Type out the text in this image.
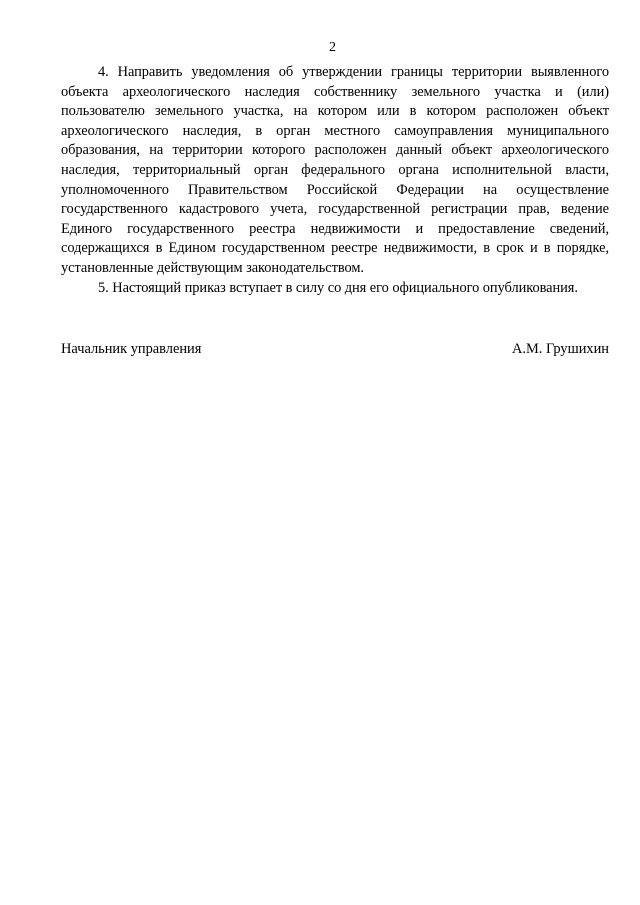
2

4. Направить уведомления об утверждении границы территории выявленного объекта археологического наследия собственнику земельного участка и (или) пользователю земельного участка, на котором или в котором расположен объект археологического наследия, в орган местного самоуправления муниципального образования, на территории которого расположен данный объект археологического наследия, территориальный орган федерального органа исполнительной власти, уполномоченного Правительством Российской Федерации на осуществление государственного кадастрового учета, государственной регистрации прав, ведение Единого государственного реестра недвижимости и предоставление сведений, содержащихся в Едином государственном реестре недвижимости, в срок и в порядке, установленные действующим законодательством.

5. Настоящий приказ вступает в силу со дня его официального опубликования.

Начальник управления	А.М. Грушихин
